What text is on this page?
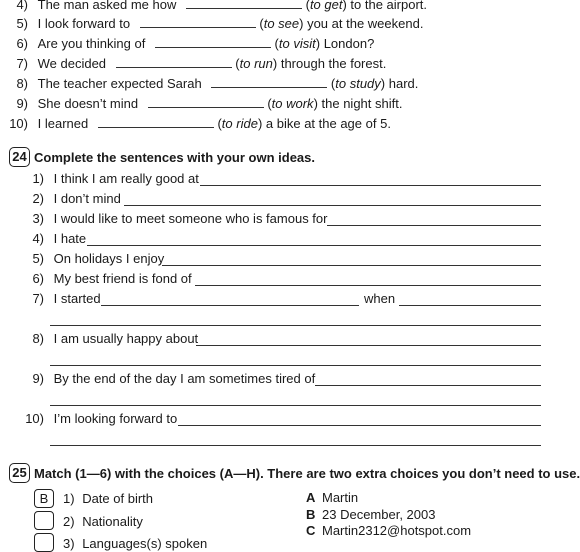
4) The man asked me how	(to get) to the airport.
5) I look forward to	(to see) you at the weekend.
6) Are you thinking of	(to visit) London?
7) We decided	(to run) through the forest.
8) The teacher expected Sarah	(to study) hard.
9) She doesn’t mind	(to work) the night shift.
10) I learned	(to ride) a bike at the age of 5.
24 Complete the sentences with your own ideas.
1) I think I am really good at
2) I don’t mind
3) I would like to meet someone who is famous for
4) I hate
5) On holidays I enjoy
6) My best friend is fond of
7) I started	when
8) I am usually happy about
9) By the end of the day I am sometimes tired of
10) I’m looking forward to
25 Match (1—6) with the choices (A—H). There are two extra choices you don’t need to use.
B	1) Date of birth
2) Nationality
3) Languages(s) spoken
A Martin
B 23 December, 2003
C Martin2312@hotspot.com
